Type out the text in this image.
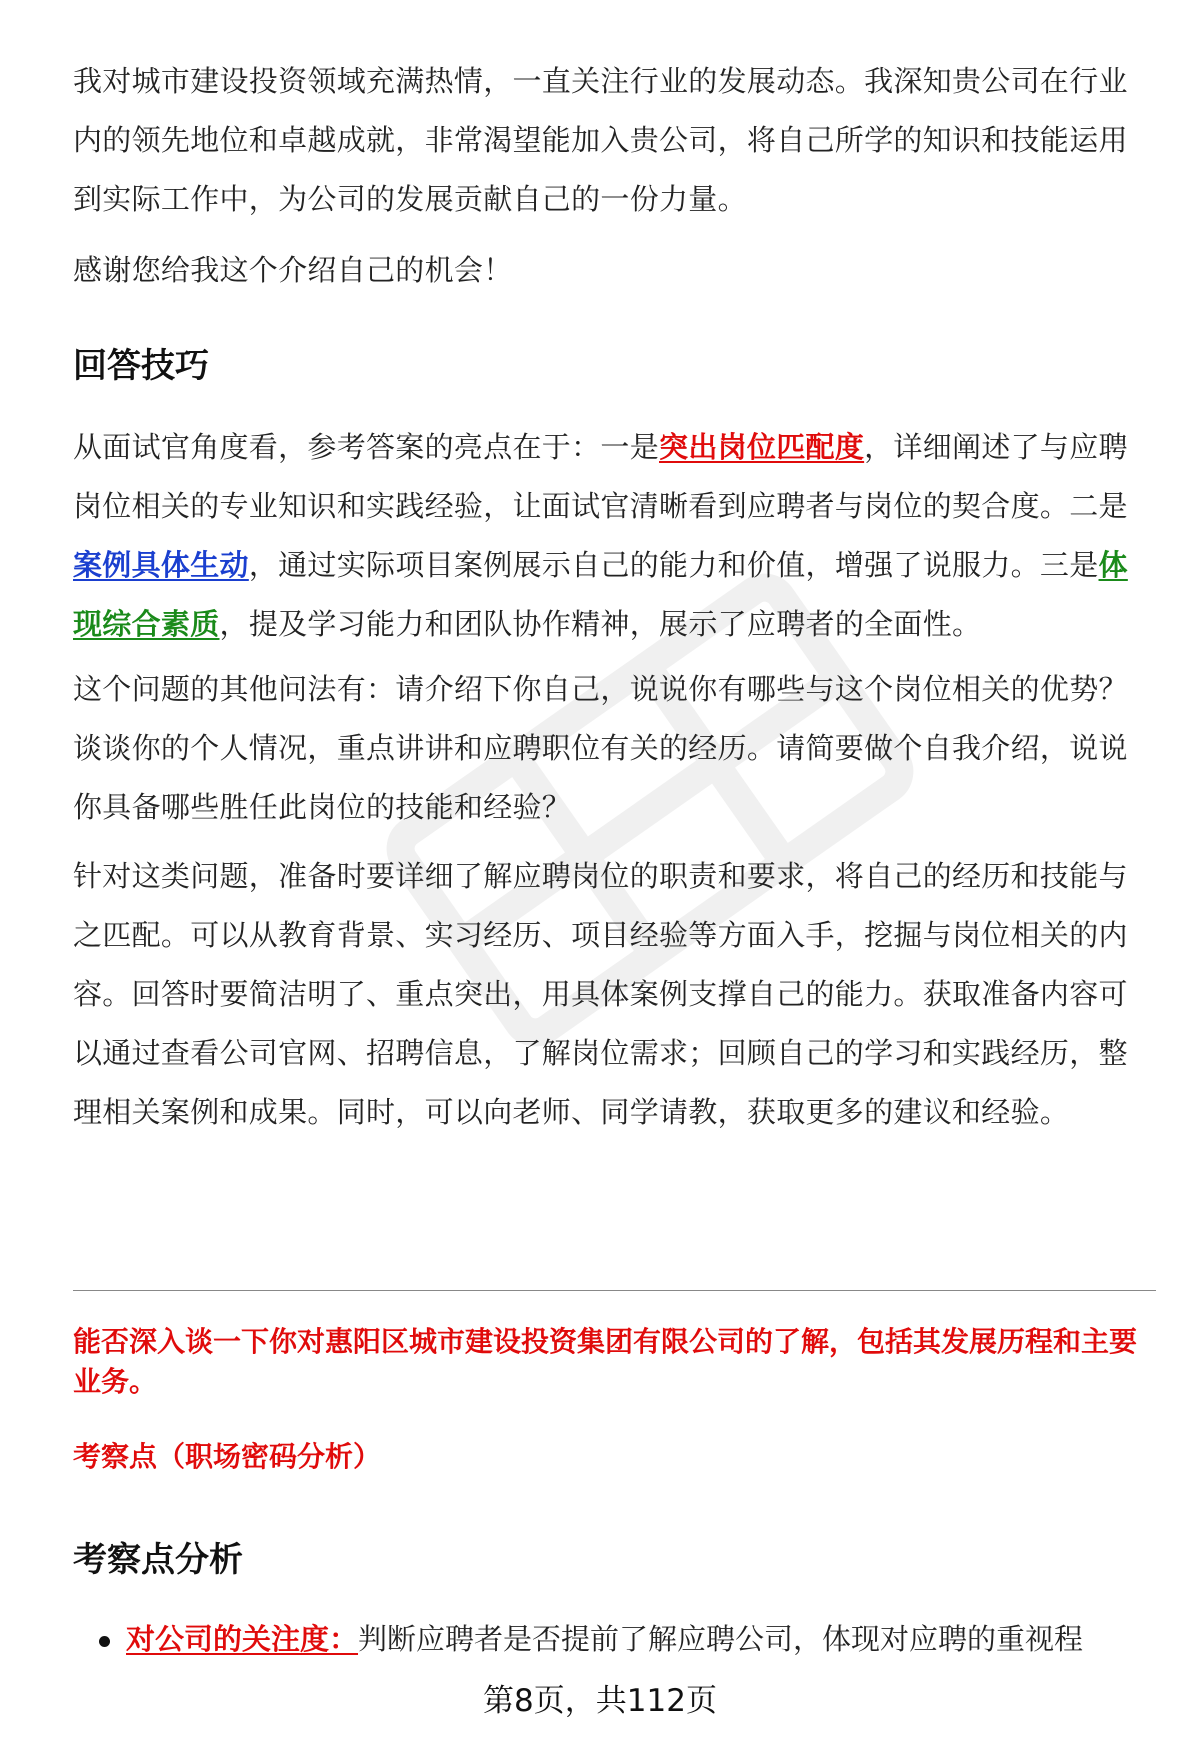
我对城市建设投资领域充满热情，一直关注行业的发展动态。我深知贵公司在行业内的领先地位和卓越成就，非常渴望能加入贵公司，将自己所学的知识和技能运用到实际工作中，为公司的发展贡献自己的一份力量。

感谢您给我这个介绍自己的机会！

回答技巧

从面试官角度看，参考答案的亮点在于：一是突出岗位匹配度，详细阐述了与应聘岗位相关的专业知识和实践经验，让面试官清晰看到应聘者与岗位的契合度。二是案例具体生动，通过实际项目案例展示自己的能力和价值，增强了说服力。三是体现综合素质，提及学习能力和团队协作精神，展示了应聘者的全面性。

这个问题的其他问法有：请介绍下你自己，说说你有哪些与这个岗位相关的优势？谈谈你的个人情况，重点讲讲和应聘职位有关的经历。请简要做个自我介绍，说说你具备哪些胜任此岗位的技能和经验？

针对这类问题，准备时要详细了解应聘岗位的职责和要求，将自己的经历和技能与之匹配。可以从教育背景、实习经历、项目经验等方面入手，挖掘与岗位相关的内容。回答时要简洁明了、重点突出，用具体案例支撑自己的能力。获取准备内容可以通过查看公司官网、招聘信息，了解岗位需求；回顾自己的学习和实践经历，整理相关案例和成果。同时，可以向老师、同学请教，获取更多的建议和经验。

能否深入谈一下你对惠阳区城市建设投资集团有限公司的了解，包括其发展历程和主要业务。

考察点（职场密码分析）

考察点分析
对公司的关注度：判断应聘者是否提前了解应聘公司，体现对应聘的重视程

第8页，共112页
